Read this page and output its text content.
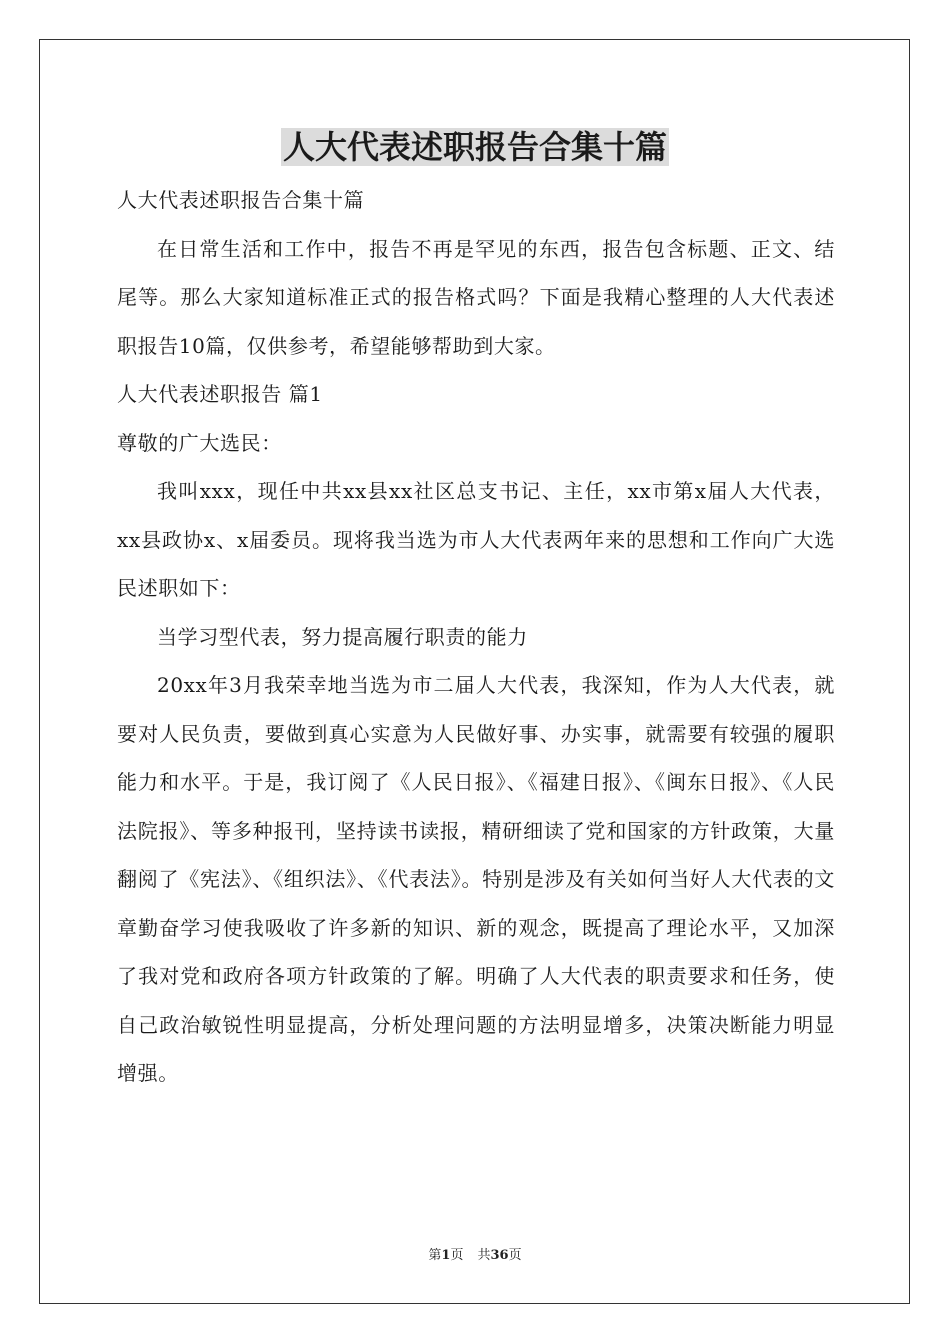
人大代表述职报告合集十篇

人大代表述职报告合集十篇

在日常生活和工作中，报告不再是罕见的东西，报告包含标题、正文、结尾等。那么大家知道标准正式的报告格式吗？下面是我精心整理的人大代表述职报告10篇，仅供参考，希望能够帮助到大家。

人大代表述职报告 篇1

尊敬的广大选民：

我叫xxx，现任中共xx县xx社区总支书记、主任，xx市第x届人大代表，xx县政协x、x届委员。现将我当选为市人大代表两年来的思想和工作向广大选民述职如下：

当学习型代表，努力提高履行职责的能力

20xx年3月我荣幸地当选为市二届人大代表，我深知，作为人大代表，就要对人民负责，要做到真心实意为人民做好事、办实事，就需要有较强的履职能力和水平。于是，我订阅了《人民日报》、《福建日报》、《闽东日报》、《人民法院报》、等多种报刊，坚持读书读报，精研细读了党和国家的方针政策，大量翻阅了《宪法》、《组织法》、《代表法》。特别是涉及有关如何当好人大代表的文章勤奋学习使我吸收了许多新的知识、新的观念，既提高了理论水平，又加深了我对党和政府各项方针政策的了解。明确了人大代表的职责要求和任务，使自己政治敏锐性明显提高，分析处理问题的方法明显增多，决策决断能力明显增强。

第1页 共36页
